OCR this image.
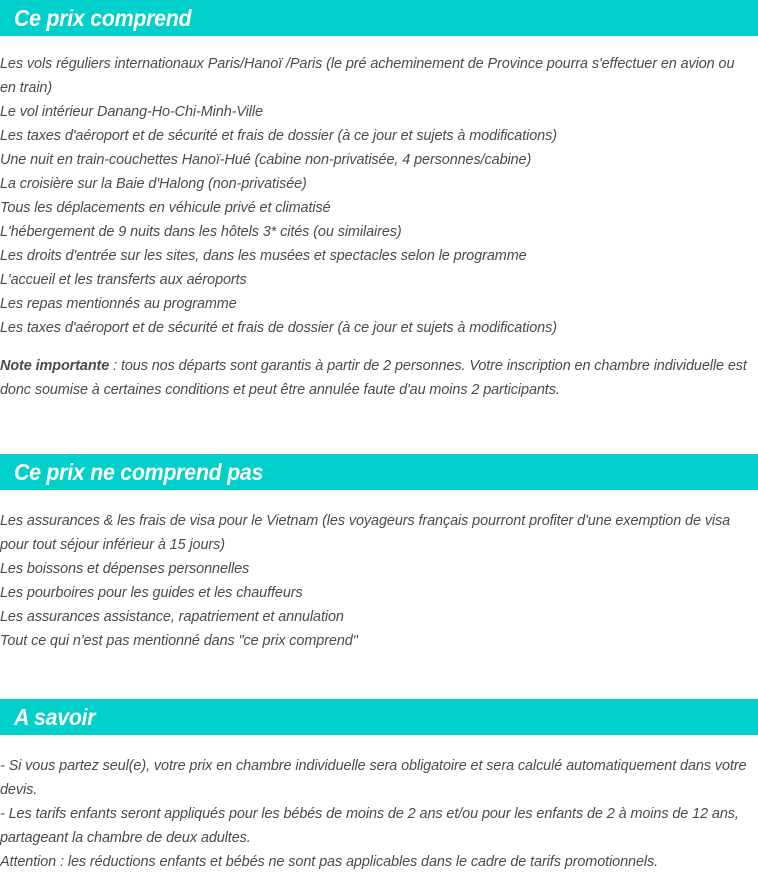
Ce prix comprend
Les vols réguliers internationaux Paris/Hanoï /Paris (le pré acheminement de Province pourra s'effectuer en avion ou en train)
Le vol intérieur Danang-Ho-Chi-Minh-Ville
Les taxes d'aéroport et de sécurité et frais de dossier (à ce jour et sujets à modifications)
Une nuit en train-couchettes Hanoï-Hué (cabine non-privatisée, 4 personnes/cabine)
La croisière sur la Baie d'Halong (non-privatisée)
Tous les déplacements en véhicule privé et climatisé
L'hébergement de 9 nuits dans les hôtels 3* cités (ou similaires)
Les droits d'entrée sur les sites, dans les musées et spectacles selon le programme
L'accueil et les transferts aux aéroports
Les repas mentionnés au programme
Les taxes d'aéroport et de sécurité et frais de dossier (à ce jour et sujets à modifications)
Note importante : tous nos départs sont garantis à partir de 2 personnes. Votre inscription en chambre individuelle est donc soumise à certaines conditions et peut être annulée faute d'au moins 2 participants.
Ce prix ne comprend pas
Les assurances & les frais de visa pour le Vietnam (les voyageurs français pourront profiter d'une exemption de visa pour tout séjour inférieur à 15 jours)
Les boissons et dépenses personnelles
Les pourboires pour les guides et les chauffeurs
Les assurances assistance, rapatriement et annulation
Tout ce qui n'est pas mentionné dans "ce prix comprend"
A savoir
- Si vous partez seul(e), votre prix en chambre individuelle sera obligatoire et sera calculé automatiquement dans votre devis.
- Les tarifs enfants seront appliqués pour les bébés de moins de 2 ans et/ou pour les enfants de 2 à moins de 12 ans, partageant la chambre de deux adultes.
Attention : les réductions enfants et bébés ne sont pas applicables dans le cadre de tarifs promotionnels.
